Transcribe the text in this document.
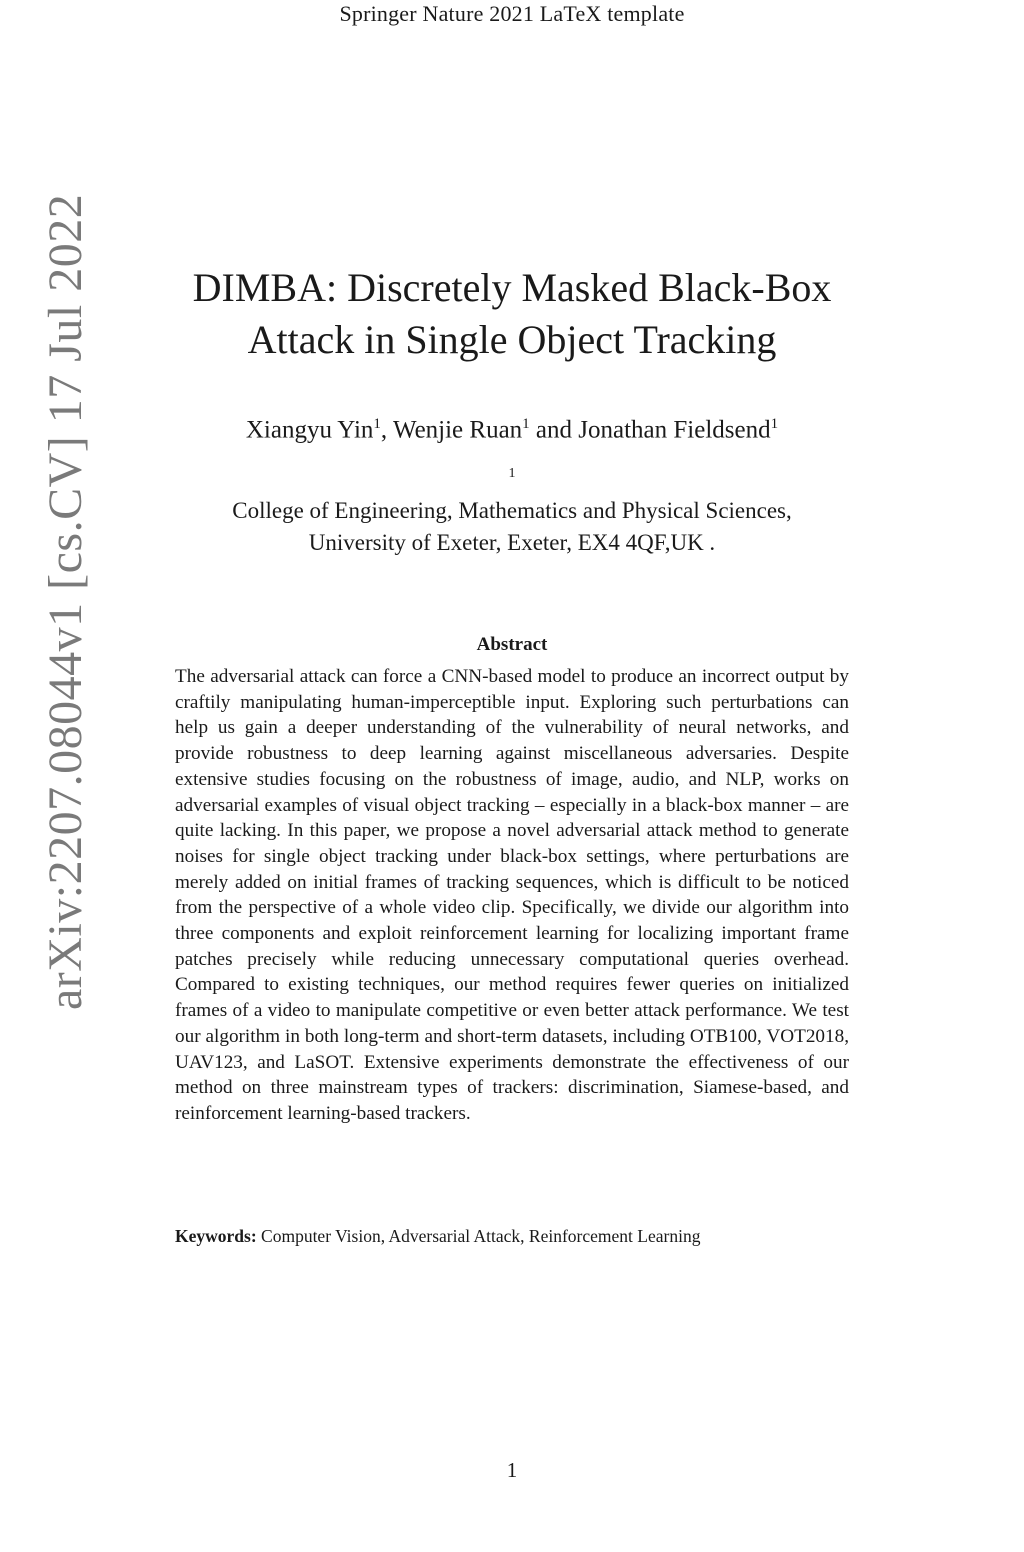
Springer Nature 2021 LaTeX template
arXiv:2207.08044v1 [cs.CV] 17 Jul 2022	DIMBA: Discretely Masked Black-Box
Attack in Single Object Tracking
Xiangyu Yin$^1$, Wenjie Ruan$^1$ and Jonathan Fieldsend$^1$
$^1$
College of Engineering, Mathematics and Physical Sciences,
University of Exeter, Exeter, EX4 4QF,UK .
Abstract

The adversarial attack can force a CNN-based model to produce an incorrect output by craftily manipulating human-imperceptible input. Exploring such perturbations can help us gain a deeper understanding of the vulnerability of neural networks, and provide robustness to deep learning against miscellaneous adversaries. Despite extensive studies focusing on the robustness of image, audio, and NLP, works on adversarial examples of visual object tracking – especially in a black-box manner – are quite lacking. In this paper, we propose a novel adversarial attack method to generate noises for single object tracking under black-box settings, where perturbations are merely added on initial frames of tracking sequences, which is difficult to be noticed from the perspective of a whole video clip. Specifically, we divide our algorithm into three components and exploit reinforcement learning for localizing important frame patches precisely while reducing unnecessary computational queries overhead. Compared to existing techniques, our method requires fewer queries on initialized frames of a video to manipulate competitive or even better attack performance. We test our algorithm in both long-term and short-term datasets, including OTB100, VOT2018, UAV123, and LaSOT. Extensive experiments demonstrate the effectiveness of our method on three mainstream types of trackers: discrimination, Siamese-based, and reinforcement learning-based trackers.

Keywords: Computer Vision, Adversarial Attack, Reinforcement Learning
1
